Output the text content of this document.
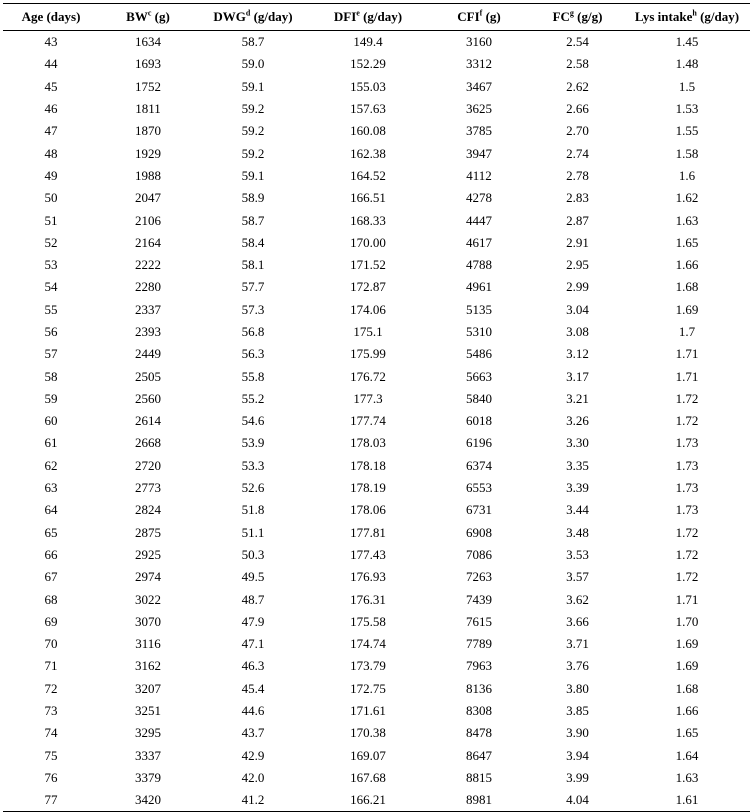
Age (days)	$BW^c$ (g)	DWG$^d$ (g/day)	DFI$^e$ (g/day)	CFI$^f$ (g)	$FC^g$ (g/g)	Lys intake$^h$ (g/day)
43	1634	58.7	149.4	3160	2.54	1.45
44	1693	59.0	152.29	3312	2.58	1.48
45	1752	59.1	155.03	3467	2.62	1.5
46	1811	59.2	157.63	3625	2.66	1.53
47	1870	59.2	160.08	3785	2.70	1.55
48	1929	59.2	162.38	3947	2.74	1.58
49	1988	59.1	164.52	4112	2.78	1.6
50	2047	58.9	166.51	4278	2.83	1.62
51	2106	58.7	168.33	4447	2.87	1.63
52	2164	58.4	170.00	4617	2.91	1.65
53	2222	58.1	171.52	4788	2.95	1.66
54	2280	57.7	172.87	4961	2.99	1.68
55	2337	57.3	174.06	5135	3.04	1.69
56	2393	56.8	175.1	5310	3.08	1.7
57	2449	56.3	175.99	5486	3.12	1.71
58	2505	55.8	176.72	5663	3.17	1.71
59	2560	55.2	177.3	5840	3.21	1.72
60	2614	54.6	177.74	6018	3.26	1.72
61	2668	53.9	178.03	6196	3.30	1.73
62	2720	53.3	178.18	6374	3.35	1.73
63	2773	52.6	178.19	6553	3.39	1.73
64	2824	51.8	178.06	6731	3.44	1.73
65	2875	51.1	177.81	6908	3.48	1.72
66	2925	50.3	177.43	7086	3.53	1.72
67	2974	49.5	176.93	7263	3.57	1.72
68	3022	48.7	176.31	7439	3.62	1.71
69	3070	47.9	175.58	7615	3.66	1.70
70	3116	47.1	174.74	7789	3.71	1.69
71	3162	46.3	173.79	7963	3.76	1.69
72	3207	45.4	172.75	8136	3.80	1.68
73	3251	44.6	171.61	8308	3.85	1.66
74	3295	43.7	170.38	8478	3.90	1.65
75	3337	42.9	169.07	8647	3.94	1.64
76	3379	42.0	167.68	8815	3.99	1.63
77	3420	41.2	166.21	8981	4.04	1.61
